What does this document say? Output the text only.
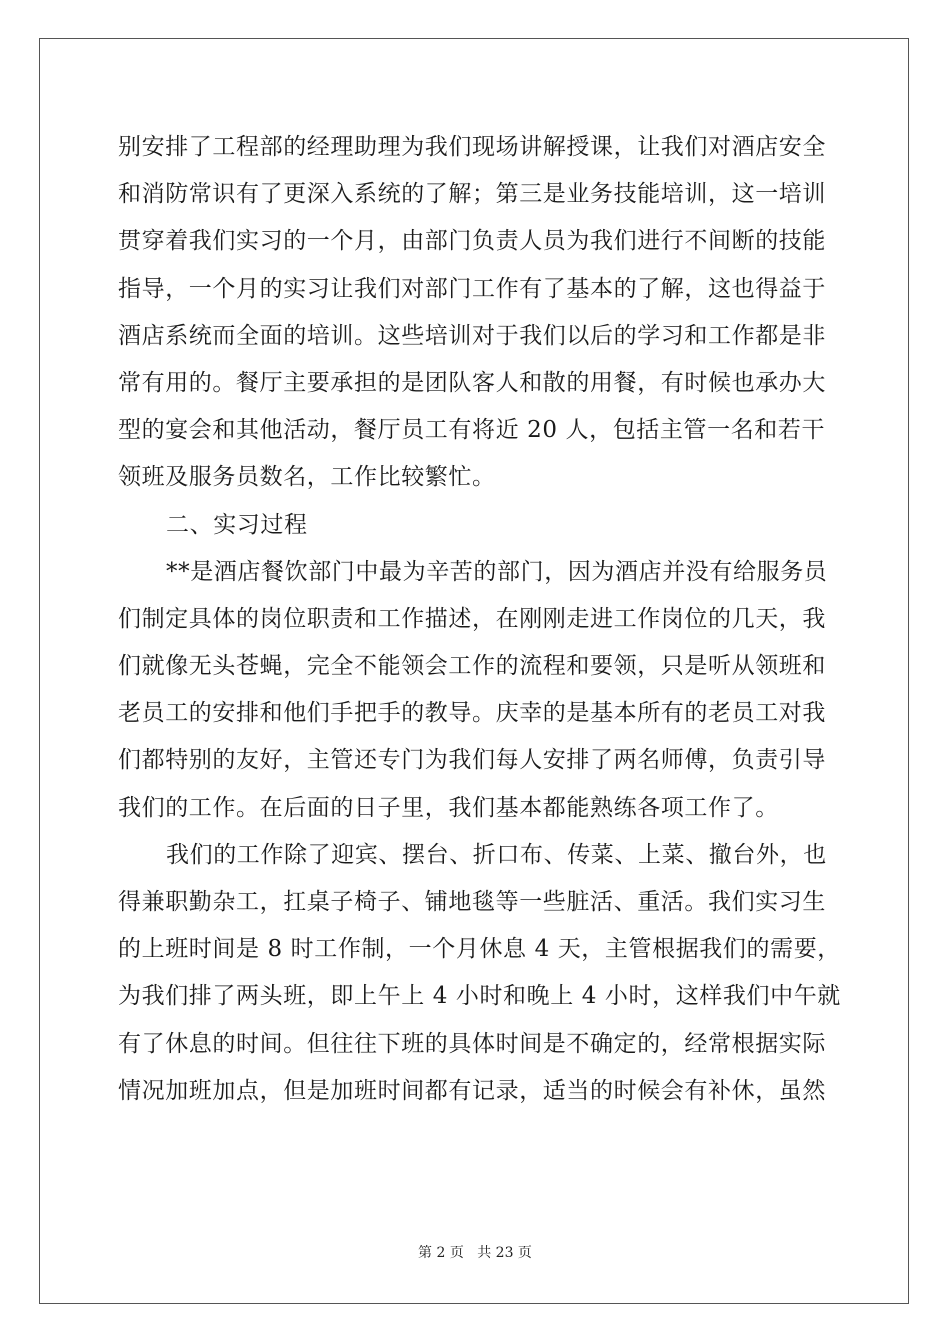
别安排了工程部的经理助理为我们现场讲解授课，让我们对酒店安全
和消防常识有了更深入系统的了解；第三是业务技能培训，这一培训
贯穿着我们实习的一个月，由部门负责人员为我们进行不间断的技能
指导，一个月的实习让我们对部门工作有了基本的了解，这也得益于
酒店系统而全面的培训。这些培训对于我们以后的学习和工作都是非
常有用的。餐厅主要承担的是团队客人和散的用餐，有时候也承办大
型的宴会和其他活动，餐厅员工有将近 20 人，包括主管一名和若干
领班及服务员数名，工作比较繁忙。
二、实习过程
**是酒店餐饮部门中最为辛苦的部门，因为酒店并没有给服务员
们制定具体的岗位职责和工作描述，在刚刚走进工作岗位的几天，我
们就像无头苍蝇，完全不能领会工作的流程和要领，只是听从领班和
老员工的安排和他们手把手的教导。庆幸的是基本所有的老员工对我
们都特别的友好，主管还专门为我们每人安排了两名师傅，负责引导
我们的工作。在后面的日子里，我们基本都能熟练各项工作了。
我们的工作除了迎宾、摆台、折口布、传菜、上菜、撤台外，也
得兼职勤杂工，扛桌子椅子、铺地毯等一些脏活、重活。我们实习生
的上班时间是 8 时工作制，一个月休息 4 天，主管根据我们的需要，
为我们排了两头班，即上午上 4 小时和晚上 4 小时，这样我们中午就
有了休息的时间。但往往下班的具体时间是不确定的，经常根据实际
情况加班加点，但是加班时间都有记录，适当的时候会有补休，虽然
第 2 页 共 23 页
